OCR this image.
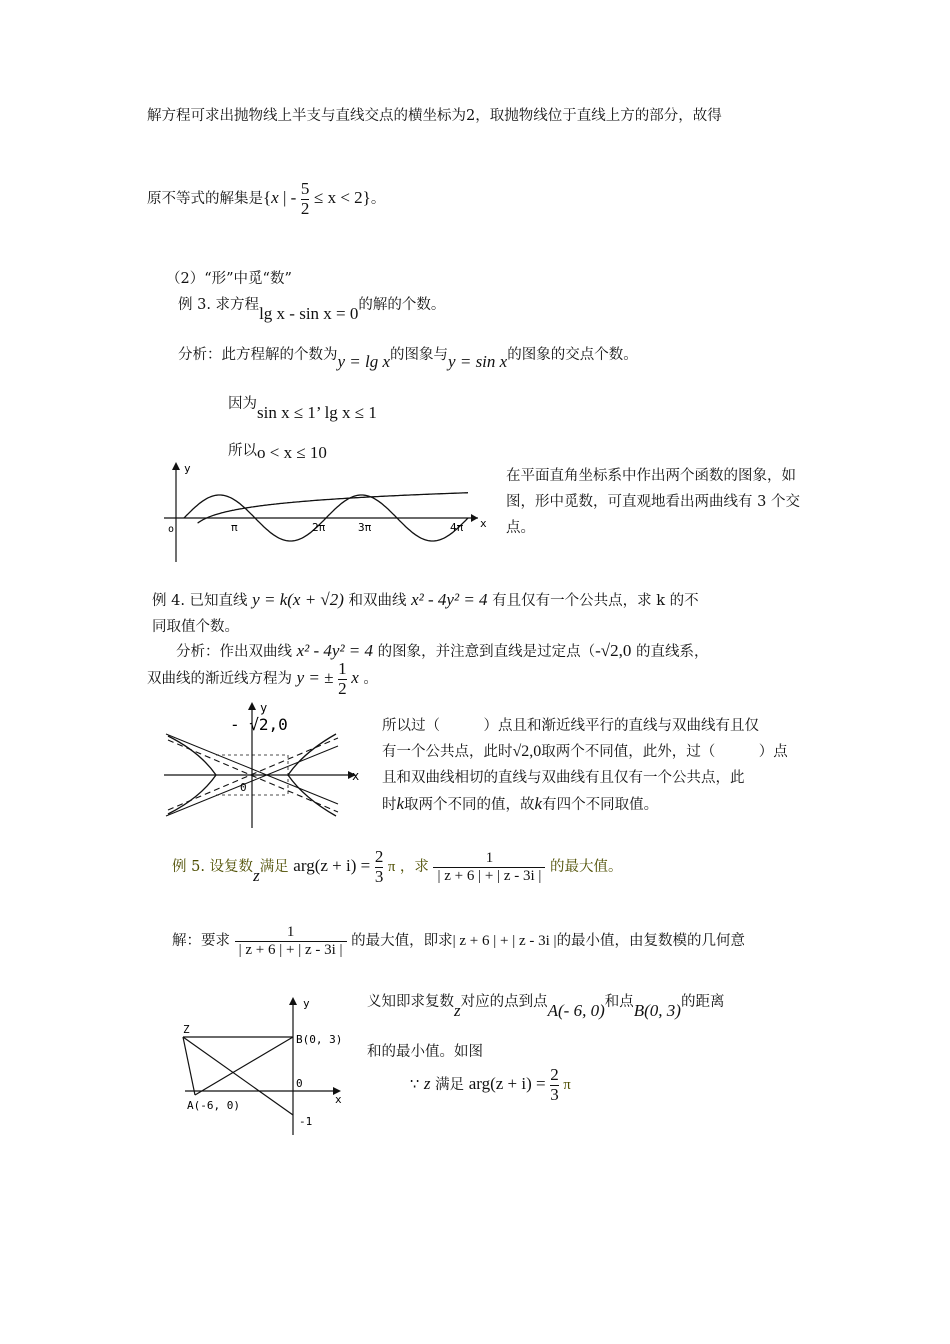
解方程可求出抛物线上半支与直线交点的横坐标为2，取抛物线位于直线上方的部分，故得
原不等式的解集是{x | - $\frac{5}{2} \le x < 2$}。
（2）“形”中觅“数”
例 3. 求方程lg x - sin x = 0的解的个数。
分析：此方程解的个数为y = lg x的图象与y = sin x的图象的交点个数。
因为sin x ≤ 1’ lg x ≤ 1
所以o < x ≤ 10
y
x
o	π	2π	3π	4π
在平面直角坐标系中作出两个函数的图象，如图，形中觅数，可直观地看出两曲线有 3 个交点。
例 4. 已知直线 y = k(x + √2) 和双曲线 x² - 4y² = 4 有且仅有一个公共点，求 k 的不
同取值个数。
分析：作出双曲线 x² - 4y² = 4 的图象，并注意到直线是过定点（-√2,0 的直线系，
双曲线的渐近线方程为 y = ± $\frac{1}{2}$ x 。
- √2,0
y
x
0
所以过（　　　）点且和渐近线平行的直线与双曲线有且仅
有一个公共点，此时√2,0取两个不同值，此外，过（　　　）点
且和双曲线相切的直线与双曲线有且仅有一个公共点，此
时k取两个不同的值，故k有四个不同取值。
例 5. 设复数z满足 $arg(z + i) = \frac{2}{3}$ π ，求 $\frac{1}{| z + 6 | + | z - 3i |}$ 的最大值。
解：要求 $\frac{1}{| z + 6 | + | z - 3i |}$ 的最大值，即求| z + 6 | + | z - 3i |的最小值，由复数模的几何意
义知即求复数z对应的点到点A(- 6, 0)和点B(0, 3)的距离
和的最小值。如图
∵ z 满足 $arg(z + i) = \frac{2}{3}$ π
y
x
Z
B(0, 3)
0
A(-6, 0)
-1
